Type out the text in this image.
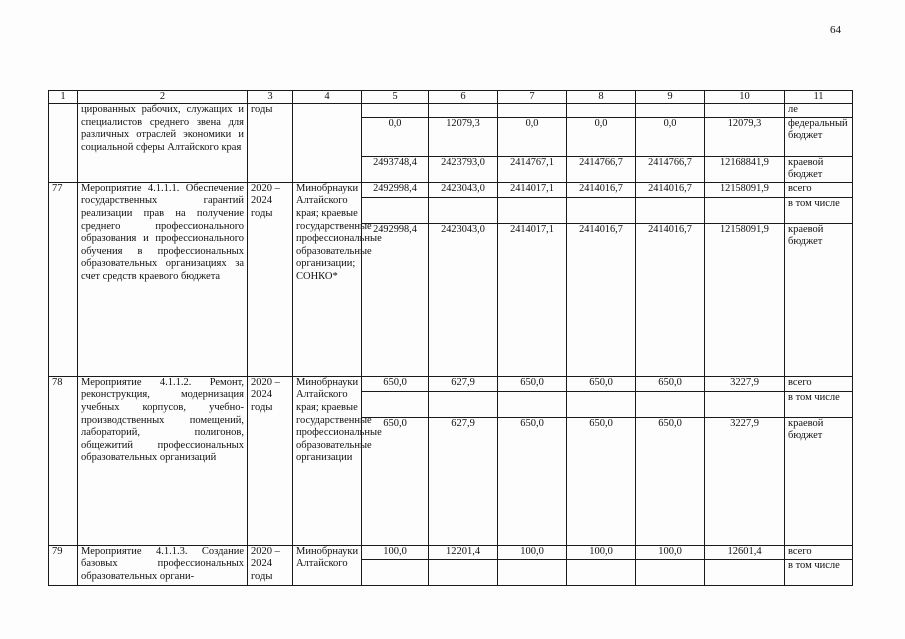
64
1	2	3	4	5	6	7	8	9	10	11
	цированных рабочих, служащих и специалистов среднего звена для различных отраслей экономики и социальной сферы Алтайского края	годы								ле
				0,0	12079,3	0,0	0,0	0,0	12079,3	федеральный бюджет
				2493748,4	2423793,0	2414767,1	2414766,7	2414766,7	12168841,9	краевой бюджет
77	Мероприятие 4.1.1.1. Обеспечение государственных гарантий реализации прав на получение среднего профессионального образования и профессионального обучения в профессиональных образовательных организациях за счет средств краевого бюджета	2020 – 2024 годы	Минобрнауки Алтайского края; краевые государственные профессиональные образовательные организации; СОНКО*	2492998,4	2423043,0	2414017,1	2414016,7	2414016,7	12158091,9	всего
										в том числе
				2492998,4	2423043,0	2414017,1	2414016,7	2414016,7	12158091,9	краевой бюджет
78	Мероприятие 4.1.1.2. Ремонт, реконструкция, модернизация учебных корпусов, учебно-производственных помещений, лабораторий, полигонов, общежитий профессиональных образовательных организаций	2020 – 2024 годы	Минобрнауки Алтайского края; краевые государственные профессиональные образовательные организации	650,0	627,9	650,0	650,0	650,0	3227,9	всего
										в том числе
				650,0	627,9	650,0	650,0	650,0	3227,9	краевой бюджет
79	Мероприятие 4.1.1.3. Создание базовых профессиональных образовательных органи-	2020 – 2024 годы	Минобрнауки Алтайского	100,0	12201,4	100,0	100,0	100,0	12601,4	всего
										в том числе
